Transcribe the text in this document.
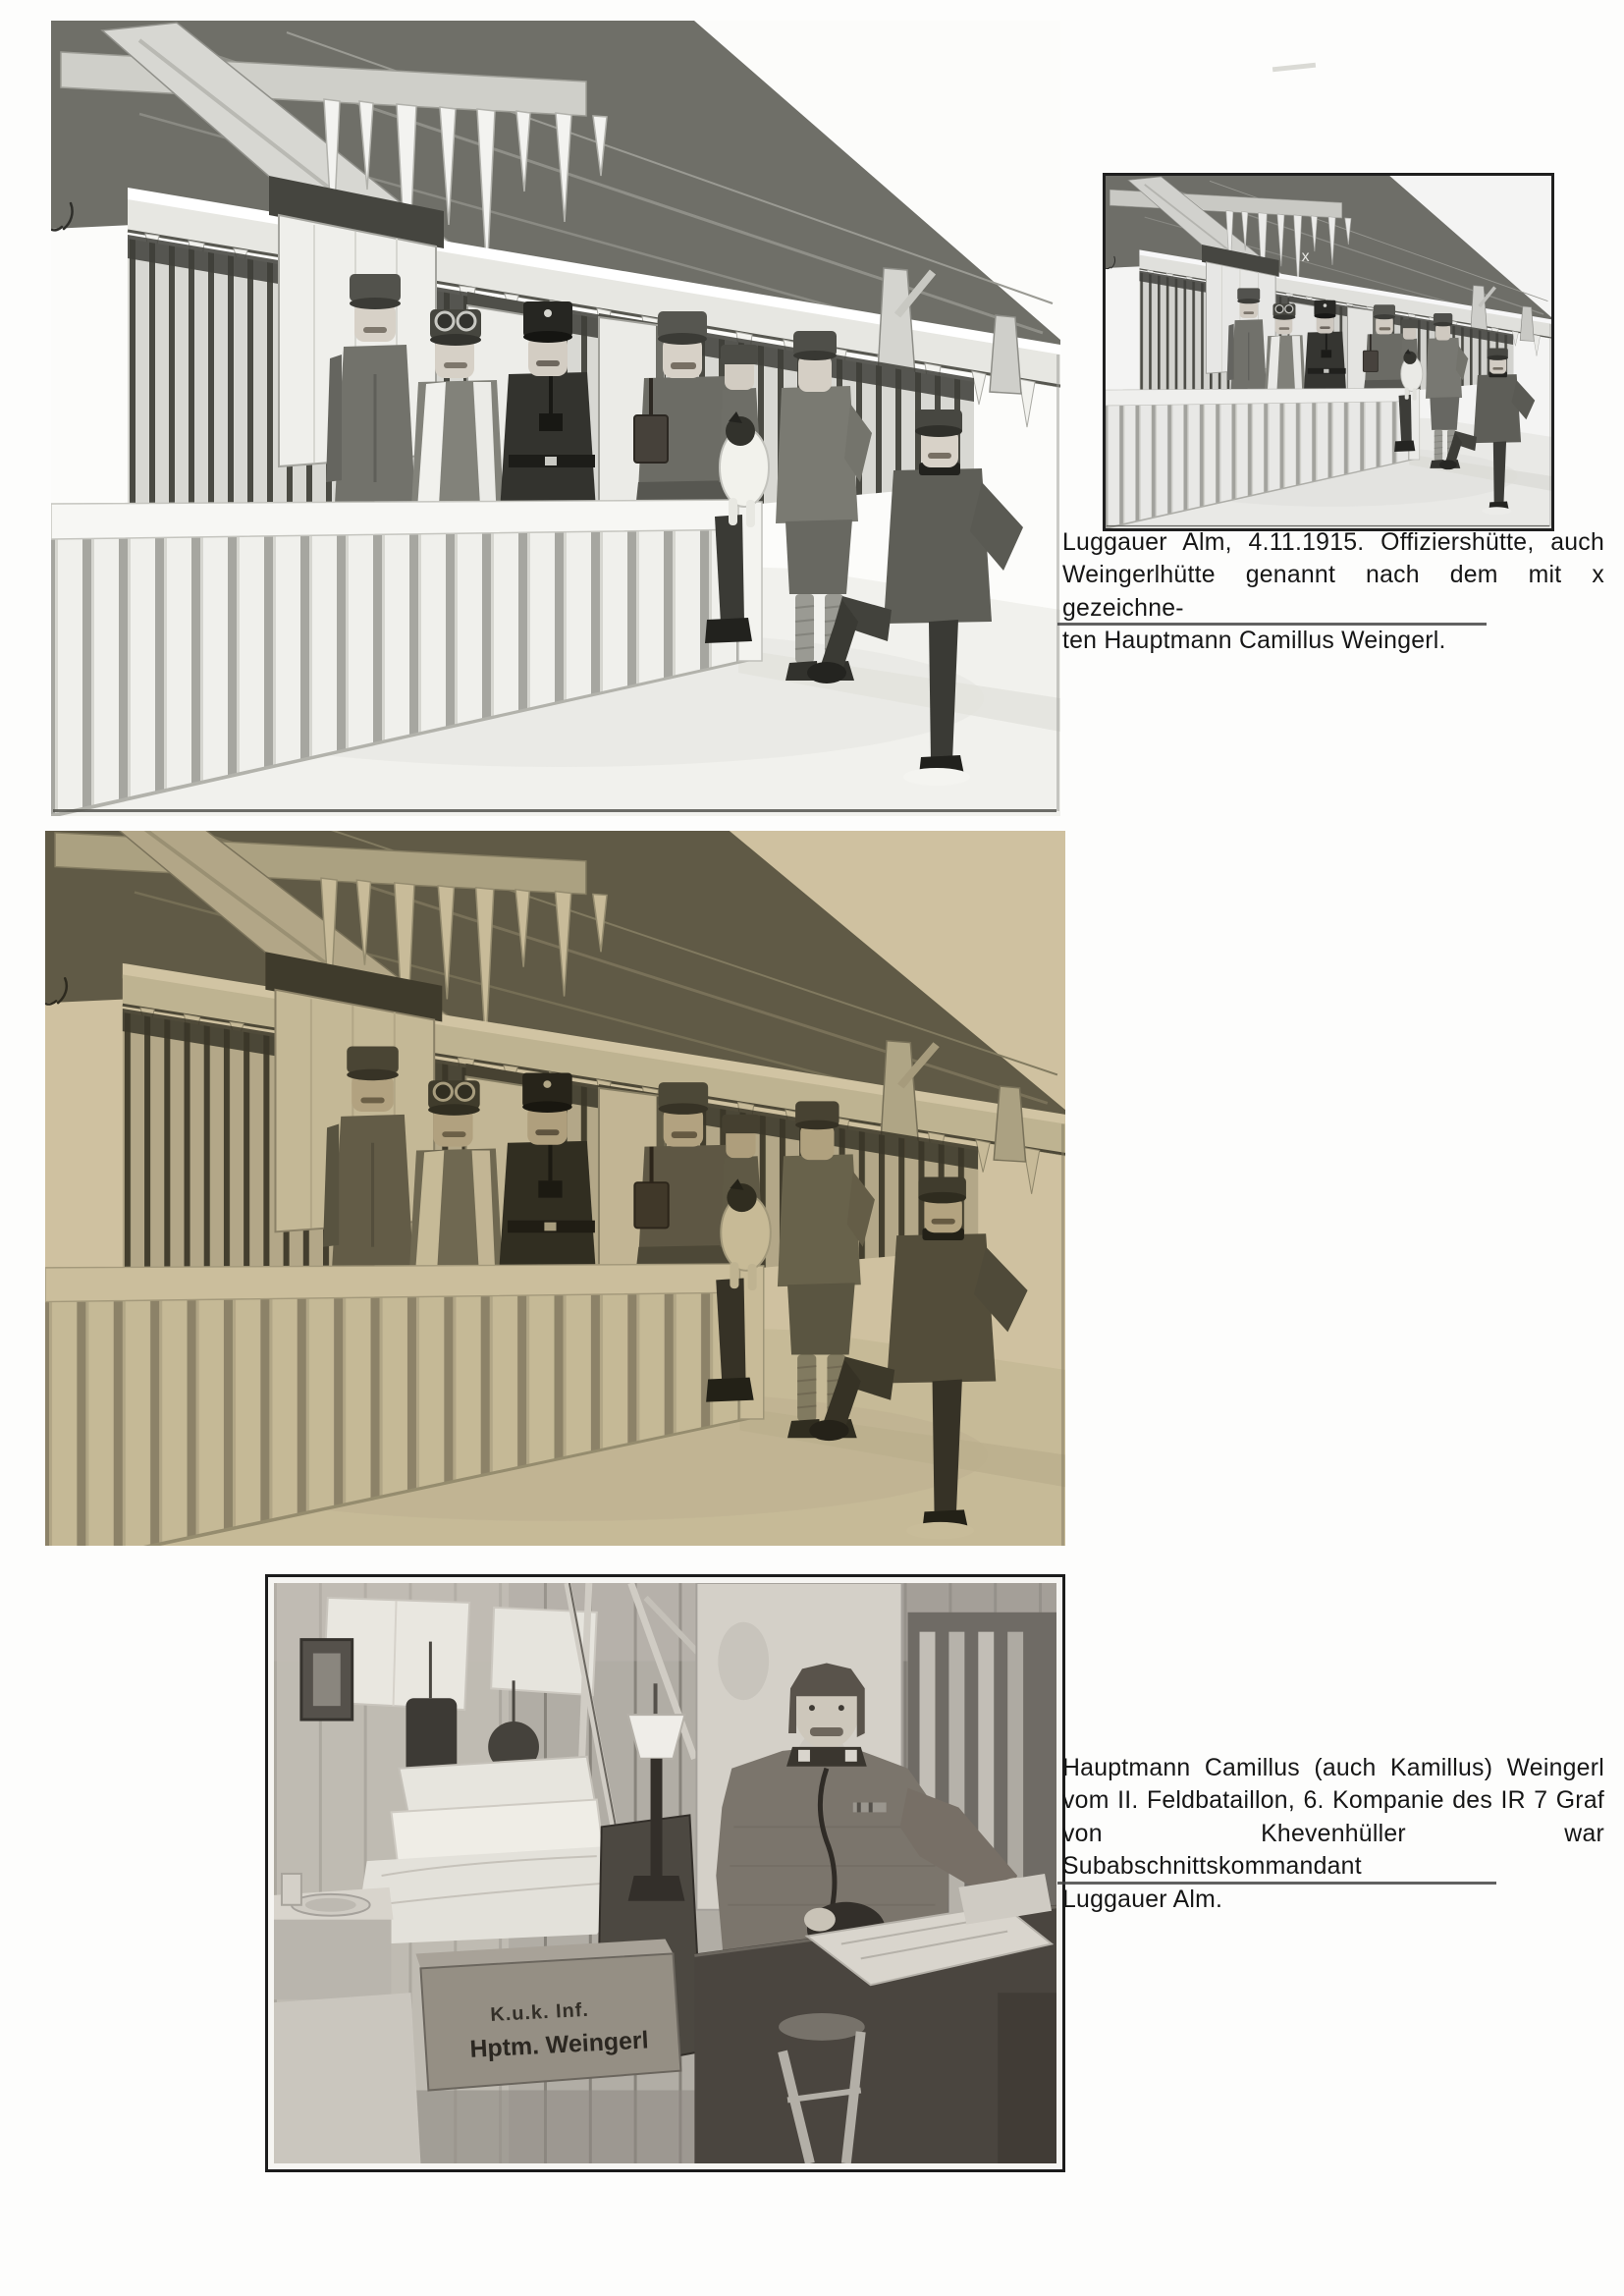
x
Luggauer Alm, 4.11.1915. Offiziershütte, auch
Weingerlhütte genannt nach dem mit x gezeichne-
ten Hauptmann Camillus Weingerl.
K.u.k. Inf.
Hptm. Weingerl
Hauptmann Camillus (auch Kamillus) Weingerl
vom II. Feldbataillon, 6. Kompanie des IR 7 Graf
von Khevenhüller war Subabschnittskommandant
Luggauer Alm.
